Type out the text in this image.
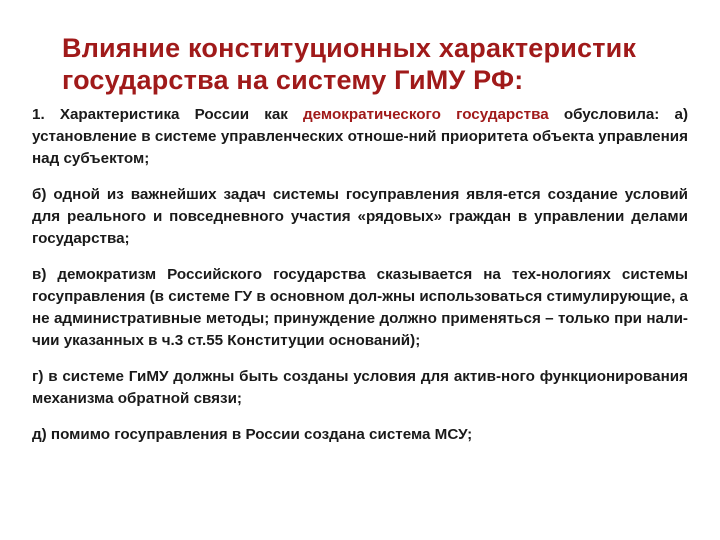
Влияние конституционных характеристик государства на систему ГиМУ РФ:

1. Характеристика России как демократического государства обусловила: а) установление в системе управленческих отноше-ний приоритета объекта управления над субъектом;

б) одной из важнейших задач системы госуправления явля-ется создание условий для реального и повседневного участия «рядовых» граждан в управлении делами государства;

в) демократизм Российского государства сказывается на тех-нологиях системы госуправления (в системе ГУ в основном дол-жны использоваться стимулирующие, а не административные методы; принуждение должно применяться – только при нали-чии указанных в ч.3 ст.55 Конституции оснований);

г) в системе ГиМУ должны быть созданы условия для актив-ного функционирования механизма обратной связи;

д) помимо госуправления в России создана система МСУ;
